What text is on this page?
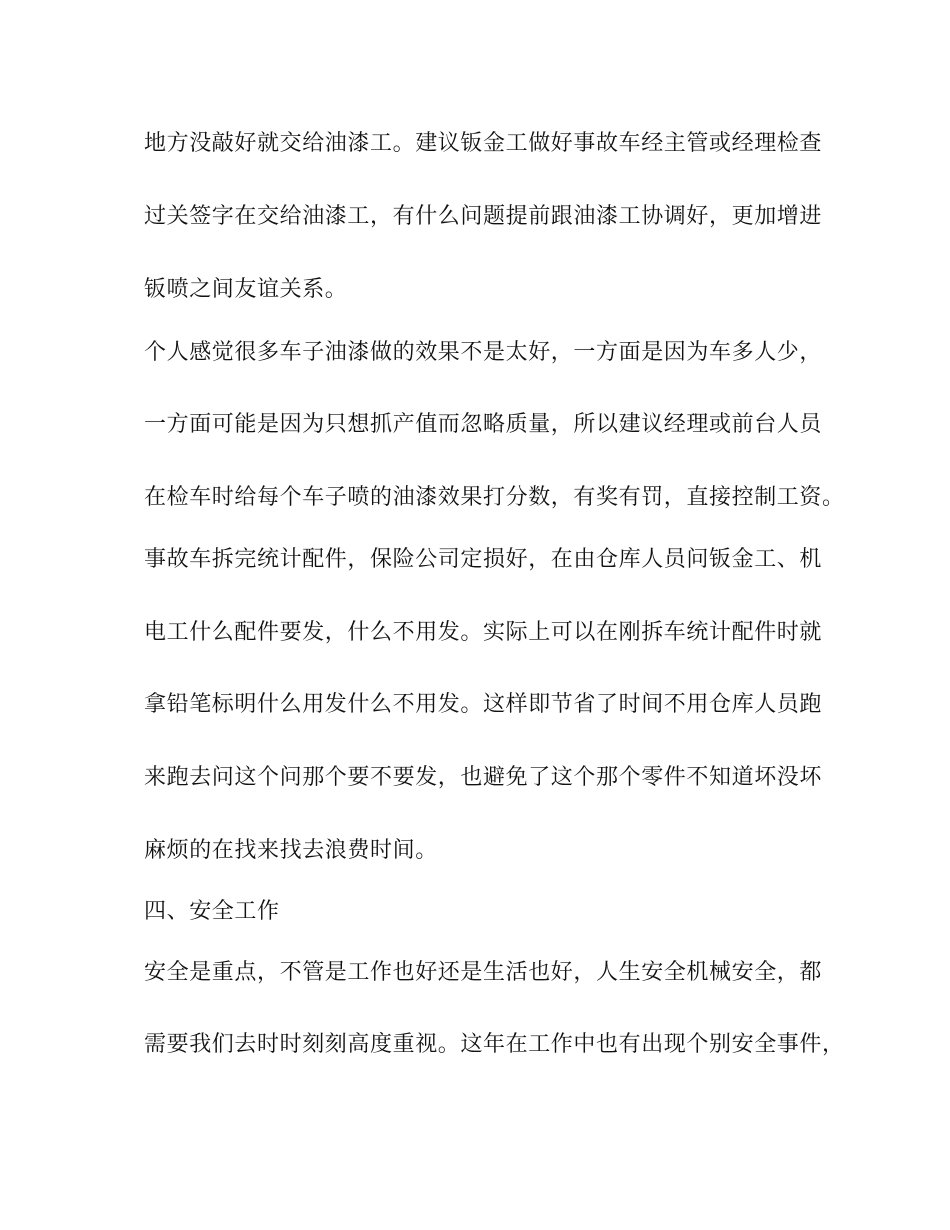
地方没敲好就交给油漆工。建议钣金工做好事故车经主管或经理检查
过关签字在交给油漆工，有什么问题提前跟油漆工协调好，更加增进
钣喷之间友谊关系。
个人感觉很多车子油漆做的效果不是太好，一方面是因为车多人少，
一方面可能是因为只想抓产值而忽略质量，所以建议经理或前台人员
在检车时给每个车子喷的油漆效果打分数，有奖有罚，直接控制工资。
事故车拆完统计配件，保险公司定损好，在由仓库人员问钣金工、机
电工什么配件要发，什么不用发。实际上可以在刚拆车统计配件时就
拿铅笔标明什么用发什么不用发。这样即节省了时间不用仓库人员跑
来跑去问这个问那个要不要发，也避免了这个那个零件不知道坏没坏
麻烦的在找来找去浪费时间。
四、安全工作
安全是重点，不管是工作也好还是生活也好，人生安全机械安全，都
需要我们去时时刻刻高度重视。这年在工作中也有出现个别安全事件，
